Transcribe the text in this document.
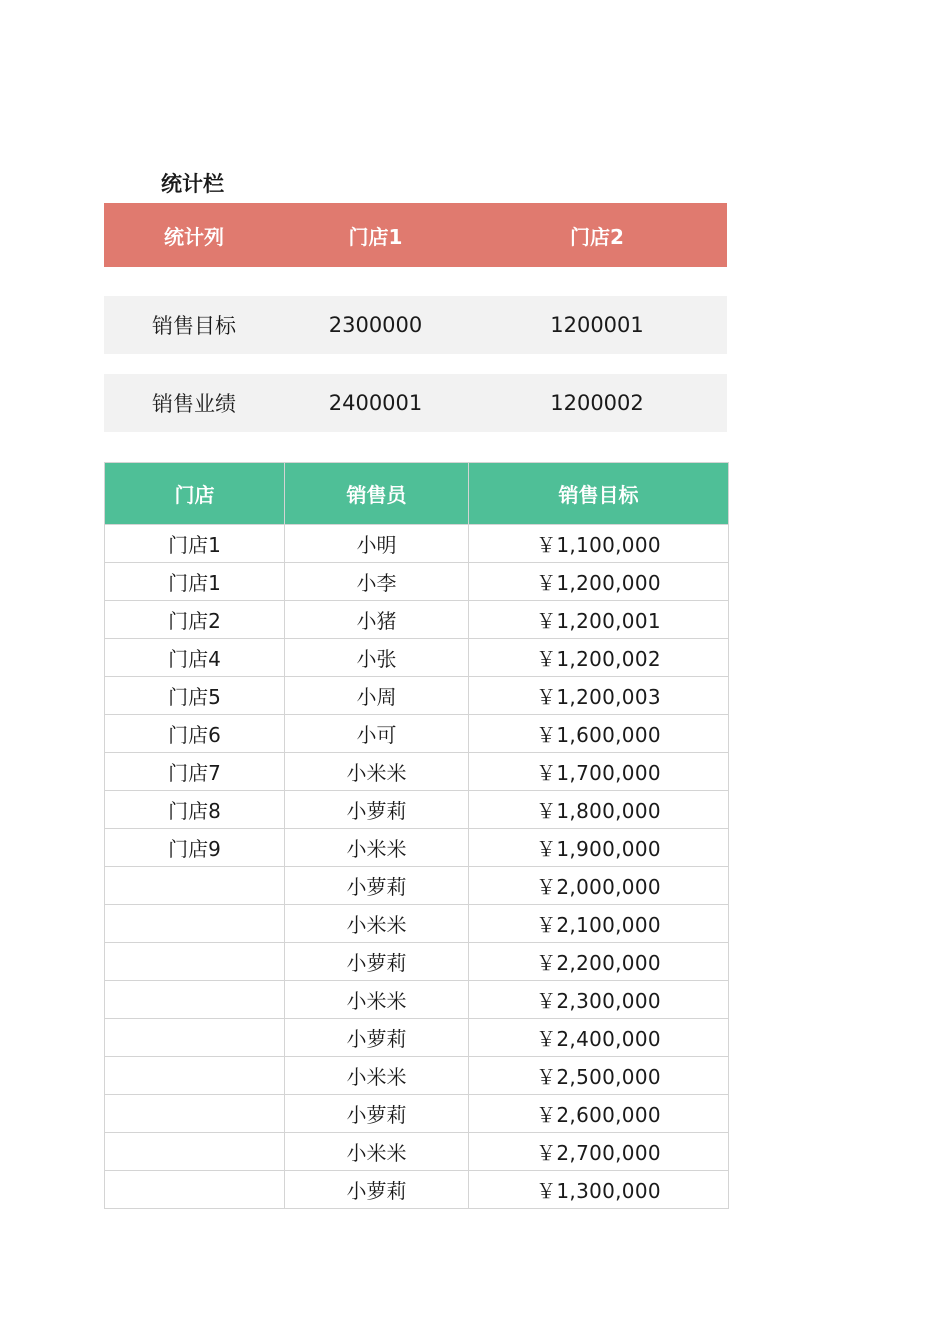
统计栏
统计列	门店1	门店2
销售目标	2300000	1200001
销售业绩	2400001	1200002
门店	销售员	销售目标
门店1	小明	￥1,100,000
门店1	小李	￥1,200,000
门店2	小猪	￥1,200,001
门店4	小张	￥1,200,002
门店5	小周	￥1,200,003
门店6	小可	￥1,600,000
门店7	小米米	￥1,700,000
门店8	小萝莉	￥1,800,000
门店9	小米米	￥1,900,000
	小萝莉	￥2,000,000
	小米米	￥2,100,000
	小萝莉	￥2,200,000
	小米米	￥2,300,000
	小萝莉	￥2,400,000
	小米米	￥2,500,000
	小萝莉	￥2,600,000
	小米米	￥2,700,000
	小萝莉	￥1,300,000
